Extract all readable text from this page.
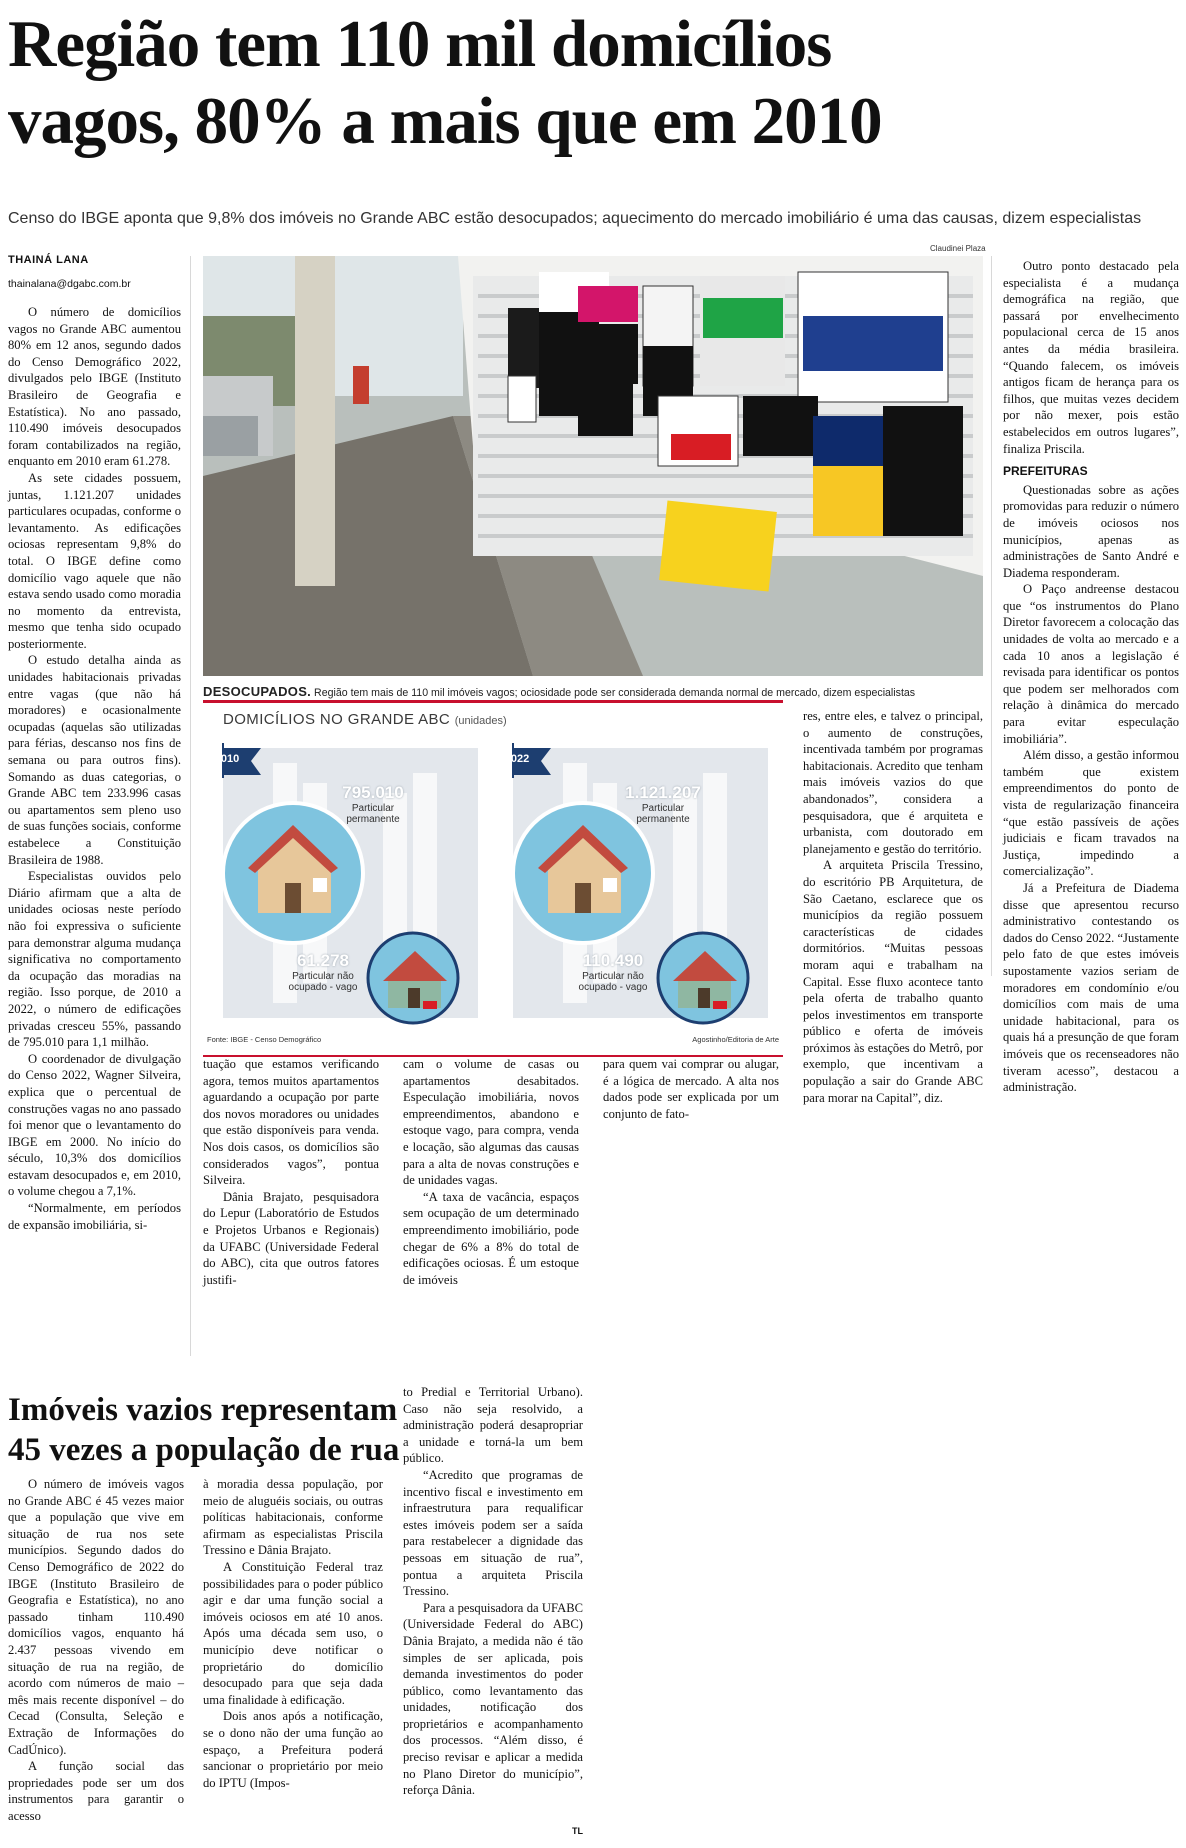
Região tem 110 mil domicílios
vagos, 80% a mais que em 2010
Censo do IBGE aponta que 9,8% dos imóveis no Grande ABC estão desocupados; aquecimento do mercado imobiliário é uma das causas, dizem especialistas
THAINÁ LANA
thainalana@dgabc.com.br

O número de domicílios vagos no Grande ABC aumentou 80% em 12 anos, segundo dados do Censo Demográfico 2022, divulgados pelo IBGE (Instituto Brasileiro de Geografia e Estatística). No ano passado, 110.490 imóveis desocupados foram contabilizados na região, enquanto em 2010 eram 61.278.

As sete cidades possuem, juntas, 1.121.207 unidades particulares ocupadas, conforme o levantamento. As edificações ociosas representam 9,8% do total. O IBGE define como domicílio vago aquele que não estava sendo usado como moradia no momento da entrevista, mesmo que tenha sido ocupado posteriormente.

O estudo detalha ainda as unidades habitacionais privadas entre vagas (que não há moradores) e ocasionalmente ocupadas (aquelas são utilizadas para férias, descanso nos fins de semana ou para outros fins). Somando as duas categorias, o Grande ABC tem 233.996 casas ou apartamentos sem pleno uso de suas funções sociais, conforme estabelece a Constituição Brasileira de 1988.

Especialistas ouvidos pelo Diário afirmam que a alta de unidades ociosas neste período não foi expressiva o suficiente para demonstrar alguma mudança significativa no comportamento da ocupação das moradias na região. Isso porque, de 2010 a 2022, o número de edificações privadas cresceu 55%, passando de 795.010 para 1,1 milhão.

O coordenador de divulgação do Censo 2022, Wagner Silveira, explica que o percentual de construções vagas no ano passado foi menor que o levantamento do IBGE em 2000. No início do século, 10,3% dos domicílios estavam desocupados e, em 2010, o volume chegou a 7,1%.

“Normalmente, em períodos de expansão imobiliária, si-

Claudinei Plaza
DESOCUPADOS. Região tem mais de 110 mil imóveis vagos; ociosidade pode ser considerada demanda normal de mercado, dizem especialistas
DOMICÍLIOS NO GRANDE ABC (unidades)
2010
795.010
Particular
permanente
61.278
Particular não
ocupado - vago
2022
1.121.207
Particular
permanente
110.490
Particular não
ocupado - vago
Fonte: IBGE - Censo Demográfico	Agostinho/Editoria de Arte

tuação que estamos verificando agora, temos muitos apartamentos aguardando a ocupação por parte dos novos moradores ou unidades que estão disponíveis para venda. Nos dois casos, os domicílios são considerados vagos”, pontua Silveira.

Dânia Brajato, pesquisadora do Lepur (Laboratório de Estudos e Projetos Urbanos e Regionais) da UFABC (Universidade Federal do ABC), cita que outros fatores justifi-

cam o volume de casas ou apartamentos desabitados. Especulação imobiliária, novos empreendimentos, abandono e estoque vago, para compra, venda e locação, são algumas das causas para a alta de novas construções e de unidades vagas.

“A taxa de vacância, espaços sem ocupação de um determinado empreendimento imobiliário, pode chegar de 6% a 8% do total de edificações ociosas. É um estoque de imóveis

para quem vai comprar ou alugar, é a lógica de mercado. A alta nos dados pode ser explicada por um conjunto de fato-

res, entre eles, e talvez o principal, o aumento de construções, incentivada também por programas habitacionais. Acredito que tenham mais imóveis vazios do que abandonados”, considera a pesquisadora, que é arquiteta e urbanista, com doutorado em planejamento e gestão do território.

A arquiteta Priscila Tressino, do escritório PB Arquitetura, de São Caetano, esclarece que os municípios da região possuem características de cidades dormitórios. “Muitas pessoas moram aqui e trabalham na Capital. Esse fluxo acontece tanto pela oferta de trabalho quanto pelos investimentos em transporte público e oferta de imóveis próximos às estações do Metrô, por exemplo, que incentivam a população a sair do Grande ABC para morar na Capital”, diz.

Outro ponto destacado pela especialista é a mudança demográfica na região, que passará por envelhecimento populacional cerca de 15 anos antes da média brasileira. “Quando falecem, os imóveis antigos ficam de herança para os filhos, que muitas vezes decidem por não mexer, pois estão estabelecidos em outros lugares”, finaliza Priscila.

PREFEITURAS

Questionadas sobre as ações promovidas para reduzir o número de imóveis ociosos nos municípios, apenas as administrações de Santo André e Diadema responderam.

O Paço andreense destacou que “os instrumentos do Plano Diretor favorecem a colocação das unidades de volta ao mercado e a cada 10 anos a legislação é revisada para identificar os pontos que podem ser melhorados com relação à dinâmica do mercado para evitar especulação imobiliária”.

Além disso, a gestão informou também que existem empreendimentos do ponto de vista de regularização financeira “que estão passíveis de ações judiciais e ficam travados na Justiça, impedindo a comercialização”.

Já a Prefeitura de Diadema disse que apresentou recurso administrativo contestando os dados do Censo 2022. “Justamente pelo fato de que estes imóveis supostamente vazios seriam de moradores em condomínio e/ou domicílios com mais de uma unidade habitacional, para os quais há a presunção de que foram imóveis que os recenseadores não tiveram acesso”, destacou a administração.

Imóveis vazios representam
45 vezes a população de rua

O número de imóveis vagos no Grande ABC é 45 vezes maior que a população que vive em situação de rua nos sete municípios. Segundo dados do Censo Demográfico de 2022 do IBGE (Instituto Brasileiro de Geografia e Estatística), no ano passado tinham 110.490 domicílios vagos, enquanto há 2.437 pessoas vivendo em situação de rua na região, de acordo com números de maio – mês mais recente disponível – do Cecad (Consulta, Seleção e Extração de Informações do CadÚnico).

A função social das propriedades pode ser um dos instrumentos para garantir o acesso

à moradia dessa população, por meio de aluguéis sociais, ou outras políticas habitacionais, conforme afirmam as especialistas Priscila Tressino e Dânia Brajato.

A Constituição Federal traz possibilidades para o poder público agir e dar uma função social a imóveis ociosos em até 10 anos. Após uma década sem uso, o município deve notificar o proprietário do domicílio desocupado para que seja dada uma finalidade à edificação.

Dois anos após a notificação, se o dono não der uma função ao espaço, a Prefeitura poderá sancionar o proprietário por meio do IPTU (Impos-

to Predial e Territorial Urbano). Caso não seja resolvido, a administração poderá desapropriar a unidade e torná-la um bem público.

“Acredito que programas de incentivo fiscal e investimento em infraestrutura para requalificar estes imóveis podem ser a saída para restabelecer a dignidade das pessoas em situação de rua”, pontua a arquiteta Priscila Tressino.

Para a pesquisadora da UFABC (Universidade Federal do ABC) Dânia Brajato, a medida não é tão simples de ser aplicada, pois demanda investimentos do poder público, como levantamento das unidades, notificação dos proprietários e acompanhamento dos processos. “Além disso, é preciso revisar e aplicar a medida no Plano Diretor do município”, reforça Dânia.

TL
